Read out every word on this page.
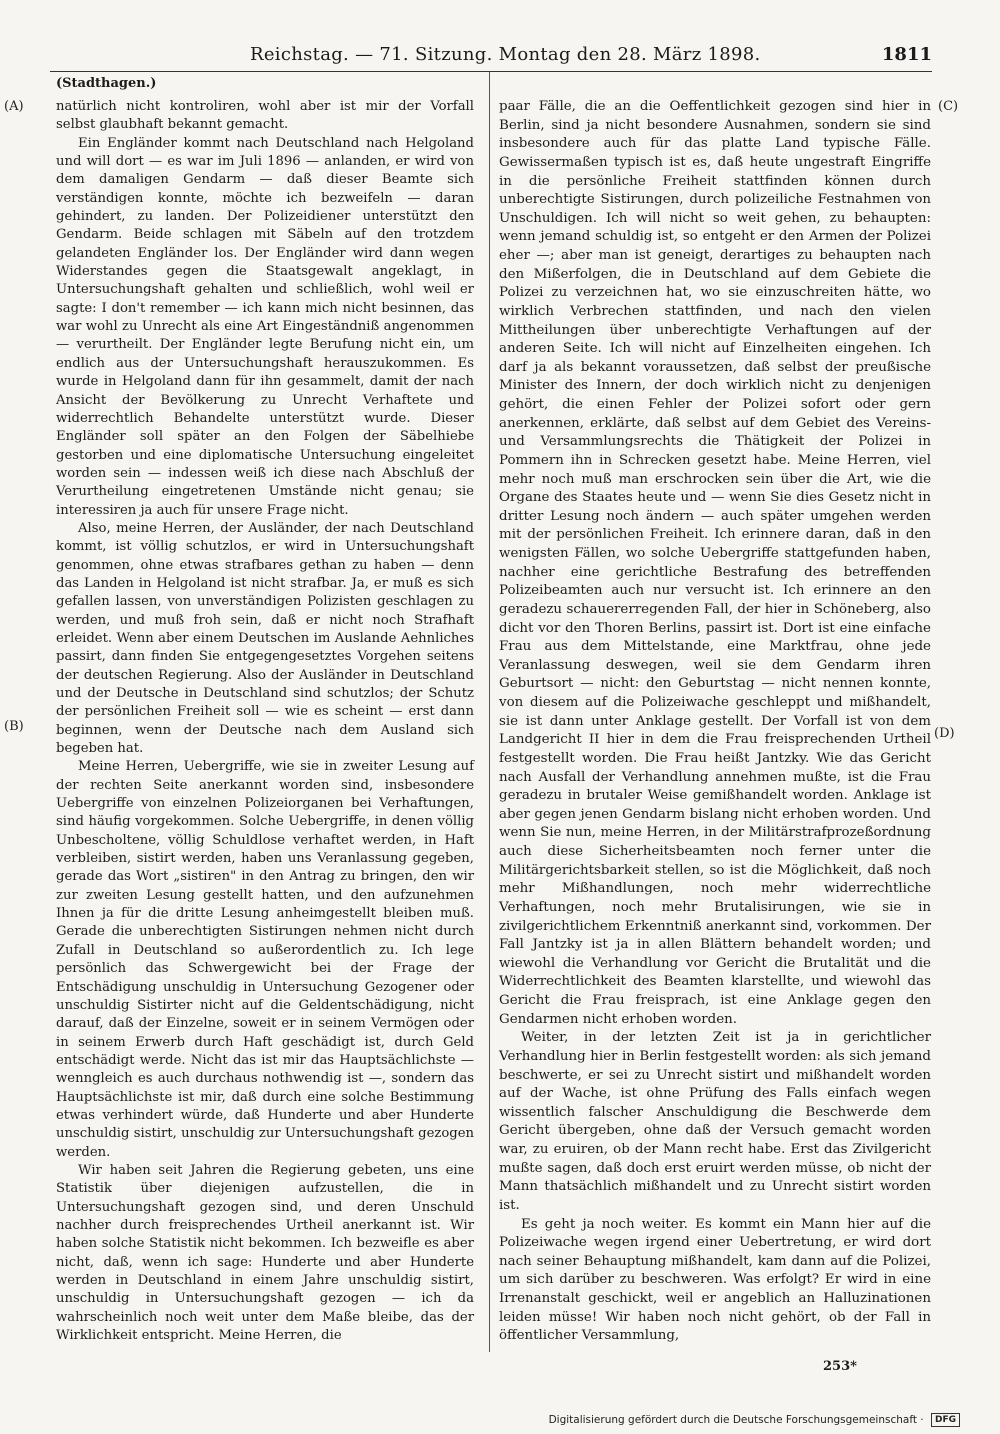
Reichstag. — 71. Sitzung. Montag den 28. März 1898.	1811
(Stadthagen.)
(A)
(B)
(C)
(D)

natürlich nicht kontroliren, wohl aber ist mir der Vorfall selbst glaubhaft bekannt gemacht.

Ein Engländer kommt nach Deutschland nach Helgoland und will dort — es war im Juli 1896 — anlanden, er wird von dem damaligen Gendarm — daß dieser Beamte sich verständigen konnte, möchte ich bezweifeln — daran gehindert, zu landen. Der Polizeidiener unterstützt den Gendarm. Beide schlagen mit Säbeln auf den trotzdem gelandeten Engländer los. Der Engländer wird dann wegen Widerstandes gegen die Staatsgewalt angeklagt, in Untersuchungshaft gehalten und schließlich, wohl weil er sagte: I don't remember — ich kann mich nicht besinnen, das war wohl zu Unrecht als eine Art Eingeständniß angenommen — verurtheilt. Der Engländer legte Berufung nicht ein, um endlich aus der Untersuchungshaft herauszukommen. Es wurde in Helgoland dann für ihn gesammelt, damit der nach Ansicht der Bevölkerung zu Unrecht Verhaftete und widerrechtlich Behandelte unterstützt wurde. Dieser Engländer soll später an den Folgen der Säbelhiebe gestorben und eine diplomatische Untersuchung eingeleitet worden sein — indessen weiß ich diese nach Abschluß der Verurtheilung eingetretenen Umstände nicht genau; sie interessiren ja auch für unsere Frage nicht.

Also, meine Herren, der Ausländer, der nach Deutschland kommt, ist völlig schutzlos, er wird in Untersuchungshaft genommen, ohne etwas strafbares gethan zu haben — denn das Landen in Helgoland ist nicht strafbar. Ja, er muß es sich gefallen lassen, von unverständigen Polizisten geschlagen zu werden, und muß froh sein, daß er nicht noch Strafhaft erleidet. Wenn aber einem Deutschen im Auslande Aehnliches passirt, dann finden Sie entgegengesetztes Vorgehen seitens der deutschen Regierung. Also der Ausländer in Deutschland und der Deutsche in Deutschland sind schutzlos; der Schutz der persönlichen Freiheit soll — wie es scheint — erst dann beginnen, wenn der Deutsche nach dem Ausland sich begeben hat.

Meine Herren, Uebergriffe, wie sie in zweiter Lesung auf der rechten Seite anerkannt worden sind, insbesondere Uebergriffe von einzelnen Polizeiorganen bei Verhaftungen, sind häufig vorgekommen. Solche Uebergriffe, in denen völlig Unbescholtene, völlig Schuldlose verhaftet werden, in Haft verbleiben, sistirt werden, haben uns Veranlassung gegeben, gerade das Wort „sistiren" in den Antrag zu bringen, den wir zur zweiten Lesung gestellt hatten, und den aufzunehmen Ihnen ja für die dritte Lesung anheimgestellt bleiben muß. Gerade die unberechtigten Sistirungen nehmen nicht durch Zufall in Deutschland so außerordentlich zu. Ich lege persönlich das Schwergewicht bei der Frage der Entschädigung unschuldig in Untersuchung Gezogener oder unschuldig Sistirter nicht auf die Geldentschädigung, nicht darauf, daß der Einzelne, soweit er in seinem Vermögen oder in seinem Erwerb durch Haft geschädigt ist, durch Geld entschädigt werde. Nicht das ist mir das Hauptsächlichste — wenngleich es auch durchaus nothwendig ist —, sondern das Hauptsächlichste ist mir, daß durch eine solche Bestimmung etwas verhindert würde, daß Hunderte und aber Hunderte unschuldig sistirt, unschuldig zur Untersuchungshaft gezogen werden.

Wir haben seit Jahren die Regierung gebeten, uns eine Statistik über diejenigen aufzustellen, die in Untersuchungshaft gezogen sind, und deren Unschuld nachher durch freisprechendes Urtheil anerkannt ist. Wir haben solche Statistik nicht bekommen. Ich bezweifle es aber nicht, daß, wenn ich sage: Hunderte und aber Hunderte werden in Deutschland in einem Jahre unschuldig sistirt, unschuldig in Untersuchungshaft gezogen — ich da wahrscheinlich noch weit unter dem Maße bleibe, das der Wirklichkeit entspricht. Meine Herren, die

paar Fälle, die an die Oeffentlichkeit gezogen sind hier in Berlin, sind ja nicht besondere Ausnahmen, sondern sie sind insbesondere auch für das platte Land typische Fälle. Gewissermaßen typisch ist es, daß heute ungestraft Eingriffe in die persönliche Freiheit stattfinden können durch unberechtigte Sistirungen, durch polizeiliche Festnahmen von Unschuldigen. Ich will nicht so weit gehen, zu behaupten: wenn jemand schuldig ist, so entgeht er den Armen der Polizei eher —; aber man ist geneigt, derartiges zu behaupten nach den Mißerfolgen, die in Deutschland auf dem Gebiete die Polizei zu verzeichnen hat, wo sie einzuschreiten hätte, wo wirklich Verbrechen stattfinden, und nach den vielen Mittheilungen über unberechtigte Verhaftungen auf der anderen Seite. Ich will nicht auf Einzelheiten eingehen. Ich darf ja als bekannt voraussetzen, daß selbst der preußische Minister des Innern, der doch wirklich nicht zu denjenigen gehört, die einen Fehler der Polizei sofort oder gern anerkennen, erklärte, daß selbst auf dem Gebiet des Vereins- und Versammlungsrechts die Thätigkeit der Polizei in Pommern ihn in Schrecken gesetzt habe. Meine Herren, viel mehr noch muß man erschrocken sein über die Art, wie die Organe des Staates heute und — wenn Sie dies Gesetz nicht in dritter Lesung noch ändern — auch später umgehen werden mit der persönlichen Freiheit. Ich erinnere daran, daß in den wenigsten Fällen, wo solche Uebergriffe stattgefunden haben, nachher eine gerichtliche Bestrafung des betreffenden Polizeibeamten auch nur versucht ist. Ich erinnere an den geradezu schauererregenden Fall, der hier in Schöneberg, also dicht vor den Thoren Berlins, passirt ist. Dort ist eine einfache Frau aus dem Mittelstande, eine Marktfrau, ohne jede Veranlassung deswegen, weil sie dem Gendarm ihren Geburtsort — nicht: den Geburtstag — nicht nennen konnte, von diesem auf die Polizeiwache geschleppt und mißhandelt, sie ist dann unter Anklage gestellt. Der Vorfall ist von dem Landgericht II hier in dem die Frau freisprechenden Urtheil festgestellt worden. Die Frau heißt Jantzky. Wie das Gericht nach Ausfall der Verhandlung annehmen mußte, ist die Frau geradezu in brutaler Weise gemißhandelt worden. Anklage ist aber gegen jenen Gendarm bislang nicht erhoben worden. Und wenn Sie nun, meine Herren, in der Militärstrafprozeßordnung auch diese Sicherheitsbeamten noch ferner unter die Militärgerichtsbarkeit stellen, so ist die Möglichkeit, daß noch mehr Mißhandlungen, noch mehr widerrechtliche Verhaftungen, noch mehr Brutalisirungen, wie sie in zivilgerichtlichem Erkenntniß anerkannt sind, vorkommen. Der Fall Jantzky ist ja in allen Blättern behandelt worden; und wiewohl die Verhandlung vor Gericht die Brutalität und die Widerrechtlichkeit des Beamten klarstellte, und wiewohl das Gericht die Frau freisprach, ist eine Anklage gegen den Gendarmen nicht erhoben worden.

Weiter, in der letzten Zeit ist ja in gerichtlicher Verhandlung hier in Berlin festgestellt worden: als sich jemand beschwerte, er sei zu Unrecht sistirt und mißhandelt worden auf der Wache, ist ohne Prüfung des Falls einfach wegen wissentlich falscher Anschuldigung die Beschwerde dem Gericht übergeben, ohne daß der Versuch gemacht worden war, zu eruiren, ob der Mann recht habe. Erst das Zivilgericht mußte sagen, daß doch erst eruirt werden müsse, ob nicht der Mann thatsächlich mißhandelt und zu Unrecht sistirt worden ist.

Es geht ja noch weiter. Es kommt ein Mann hier auf die Polizeiwache wegen irgend einer Uebertretung, er wird dort nach seiner Behauptung mißhandelt, kam dann auf die Polizei, um sich darüber zu beschweren. Was erfolgt? Er wird in eine Irrenanstalt geschickt, weil er angeblich an Halluzinationen leiden müsse! Wir haben noch nicht gehört, ob der Fall in öffentlicher Versammlung,

253*
Digitalisierung gefördert durch die Deutsche Forschungsgemeinschaft · DFG
